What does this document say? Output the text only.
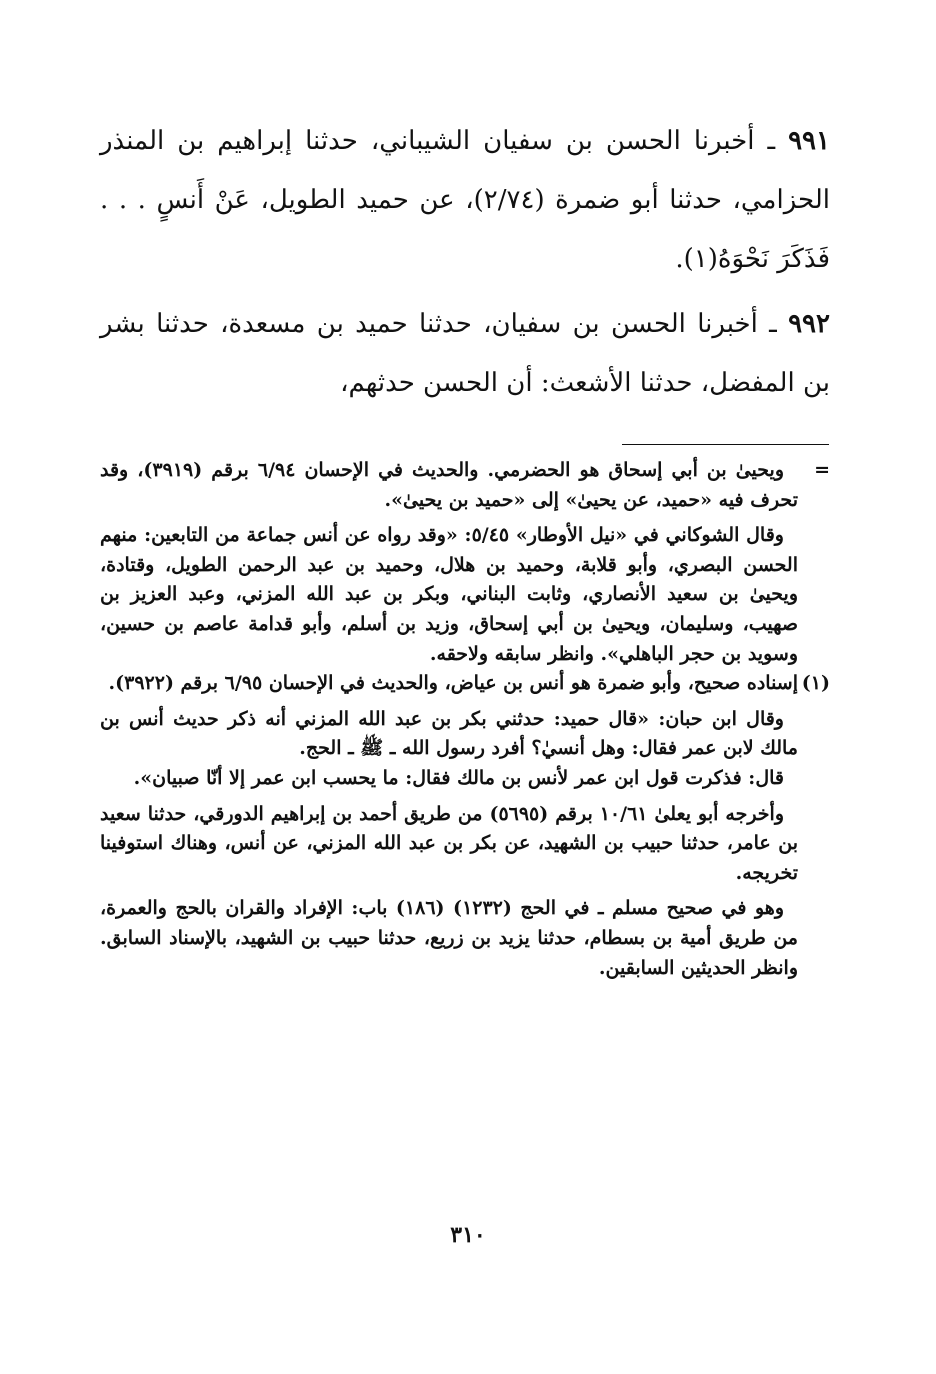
٩٩١ ـ أخبرنا الحسن بن سفيان الشيباني، حدثنا إبراهيم بن المنذر الحزامي، حدثنا أبو ضمرة (٢/٧٤)، عن حميد الطويل، عَنْ أَنسٍ . . . فَذَكَرَ نَحْوَهُ(١).

٩٩٢ ـ أخبرنا الحسن بن سفيان، حدثنا حميد بن مسعدة، حدثنا بشر بن المفضل، حدثنا الأشعث: أن الحسن حدثهم،

=

ويحيىٰ بن أبي إسحاق هو الحضرمي. والحديث في الإحسان ٦/٩٤ برقم (٣٩١٩)، وقد تحرف فيه «حميد، عن يحيىٰ» إلى «حميد بن يحيىٰ».

وقال الشوكاني في «نيل الأوطار» ٥/٤٥: «وقد رواه عن أنس جماعة من التابعين: منهم الحسن البصري، وأبو قلابة، وحميد بن هلال، وحميد بن عبد الرحمن الطويل، وقتادة، ويحيىٰ بن سعيد الأنصاري، وثابت البناني، وبكر بن عبد الله المزني، وعبد العزيز بن صهيب، وسليمان، ويحيىٰ بن أبي إسحاق، وزيد بن أسلم، وأبو قدامة عاصم بن حسين، وسويد بن حجر الباهلي». وانظر سابقه ولاحقه.

(١)

إسناده صحيح، وأبو ضمرة هو أنس بن عياض، والحديث في الإحسان ٦/٩٥ برقم (٣٩٢٢).

وقال ابن حبان: «قال حميد: حدثني بكر بن عبد الله المزني أنه ذكر حديث أنس بن مالك لابن عمر فقال: وهل أنسيٰ؟ أفرد رسول الله ـ ﷺ ـ الحج.

قال: فذكرت قول ابن عمر لأنس بن مالك فقال: ما يحسب ابن عمر إلا أنّا صبيان».

وأخرجه أبو يعلىٰ ١٠/٦١ برقم (٥٦٩٥) من طريق أحمد بن إبراهيم الدورقي، حدثنا سعيد بن عامر، حدثنا حبيب بن الشهيد، عن بكر بن عبد الله المزني، عن أنس، وهناك استوفينا تخريجه.

وهو في صحيح مسلم ـ في الحج (١٢٣٢) (١٨٦) باب: الإفراد والقران بالحج والعمرة، من طريق أمية بن بسطام، حدثنا يزيد بن زريع، حدثنا حبيب بن الشهيد، بالإسناد السابق. وانظر الحديثين السابقين.

٣١٠
